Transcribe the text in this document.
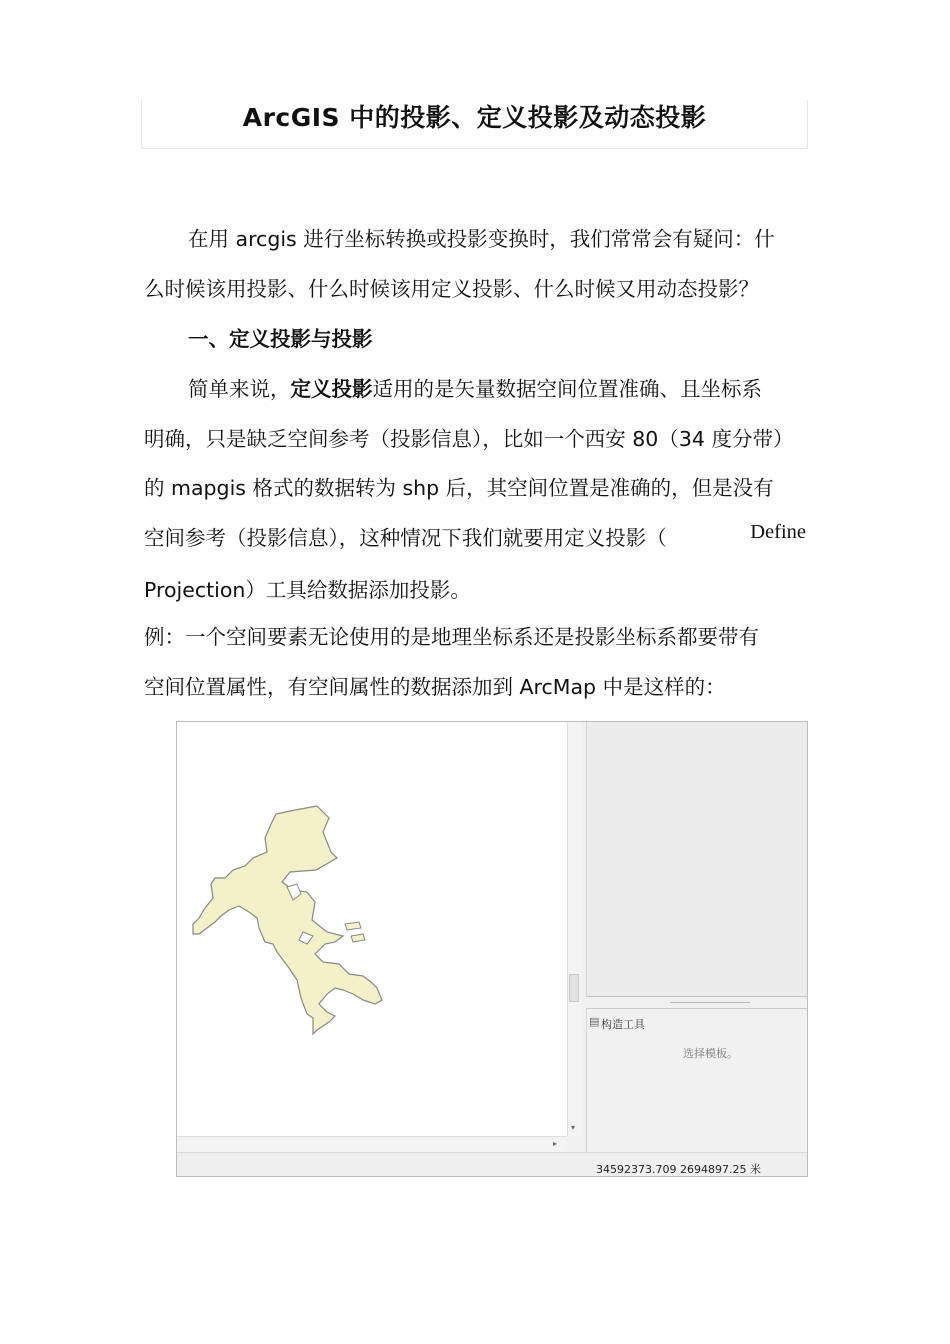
ArcGIS 中的投影、定义投影及动态投影
在用 arcgis 进行坐标转换或投影变换时，我们常常会有疑问：什
么时候该用投影、什么时候该用定义投影、什么时候又用动态投影？
一、定义投影与投影
简单来说，定义投影适用的是矢量数据空间位置准确、且坐标系
明确，只是缺乏空间参考（投影信息），比如一个西安 80（34 度分带）
的 mapgis 格式的数据转为 shp 后，其空间位置是准确的，但是没有
空间参考（投影信息），这种情况下我们就要用定义投影（	Define
Projection）工具给数据添加投影。
例：一个空间要素无论使用的是地理坐标系还是投影坐标系都要带有
空间位置属性，有空间属性的数据添加到 ArcMap 中是这样的：
▾
▸
▤ 构造工具
选择模板。
34592373.709 2694897.25 米
